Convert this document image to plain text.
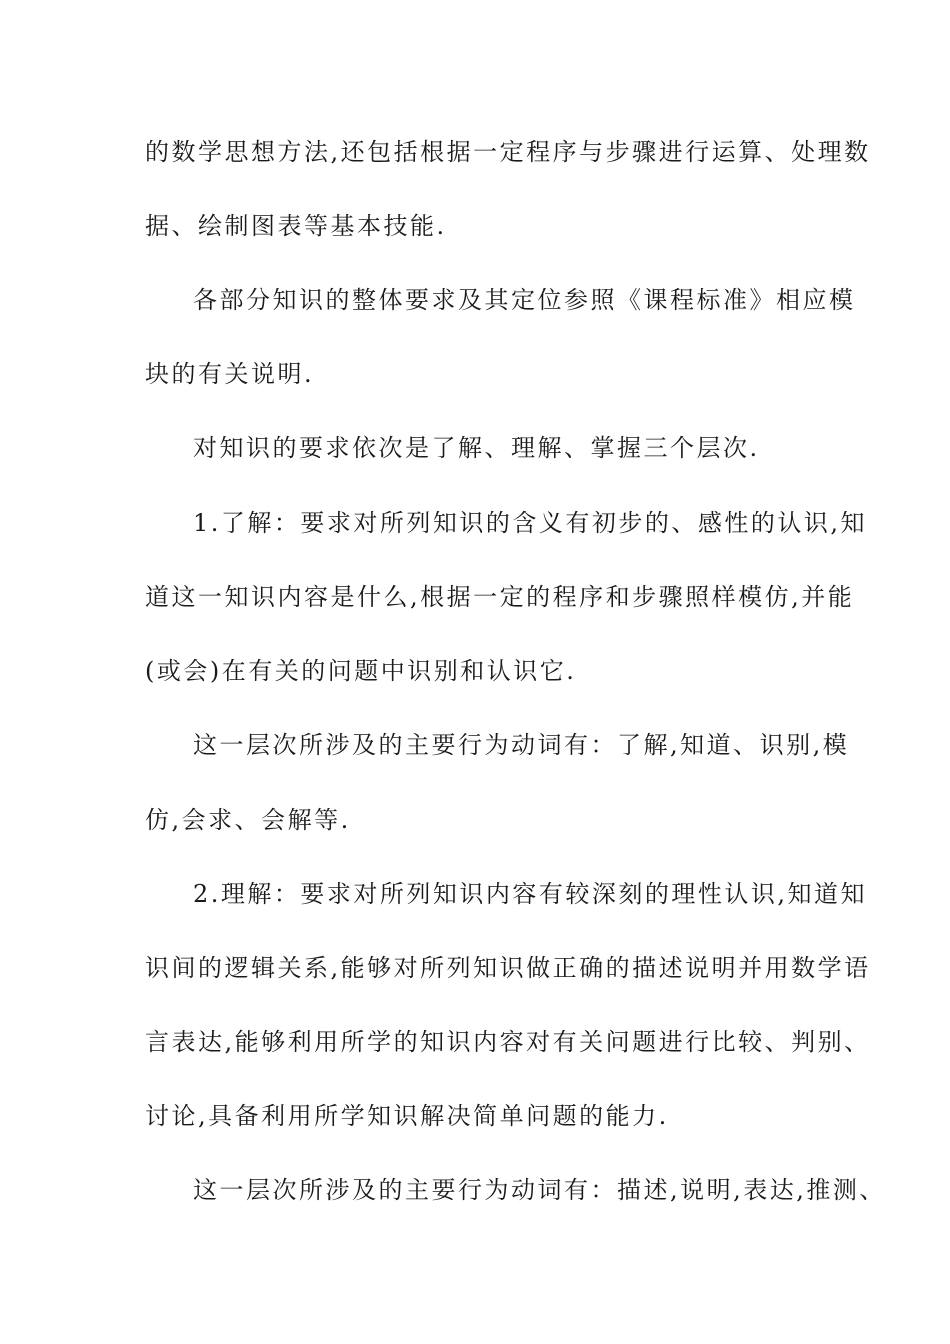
的数学思想方法,还包括根据一定程序与步骤进行运算、处理数
据、绘制图表等基本技能.
各部分知识的整体要求及其定位参照《课程标准》相应模
块的有关说明.
对知识的要求依次是了解、理解、掌握三个层次.
1.了解：要求对所列知识的含义有初步的、感性的认识,知
道这一知识内容是什么,根据一定的程序和步骤照样模仿,并能
(或会)在有关的问题中识别和认识它.
这一层次所涉及的主要行为动词有：了解,知道、识别,模
仿,会求、会解等.
2.理解：要求对所列知识内容有较深刻的理性认识,知道知
识间的逻辑关系,能够对所列知识做正确的描述说明并用数学语
言表达,能够利用所学的知识内容对有关问题进行比较、判别、
讨论,具备利用所学知识解决简单问题的能力.
这一层次所涉及的主要行为动词有：描述,说明,表达,推测、
